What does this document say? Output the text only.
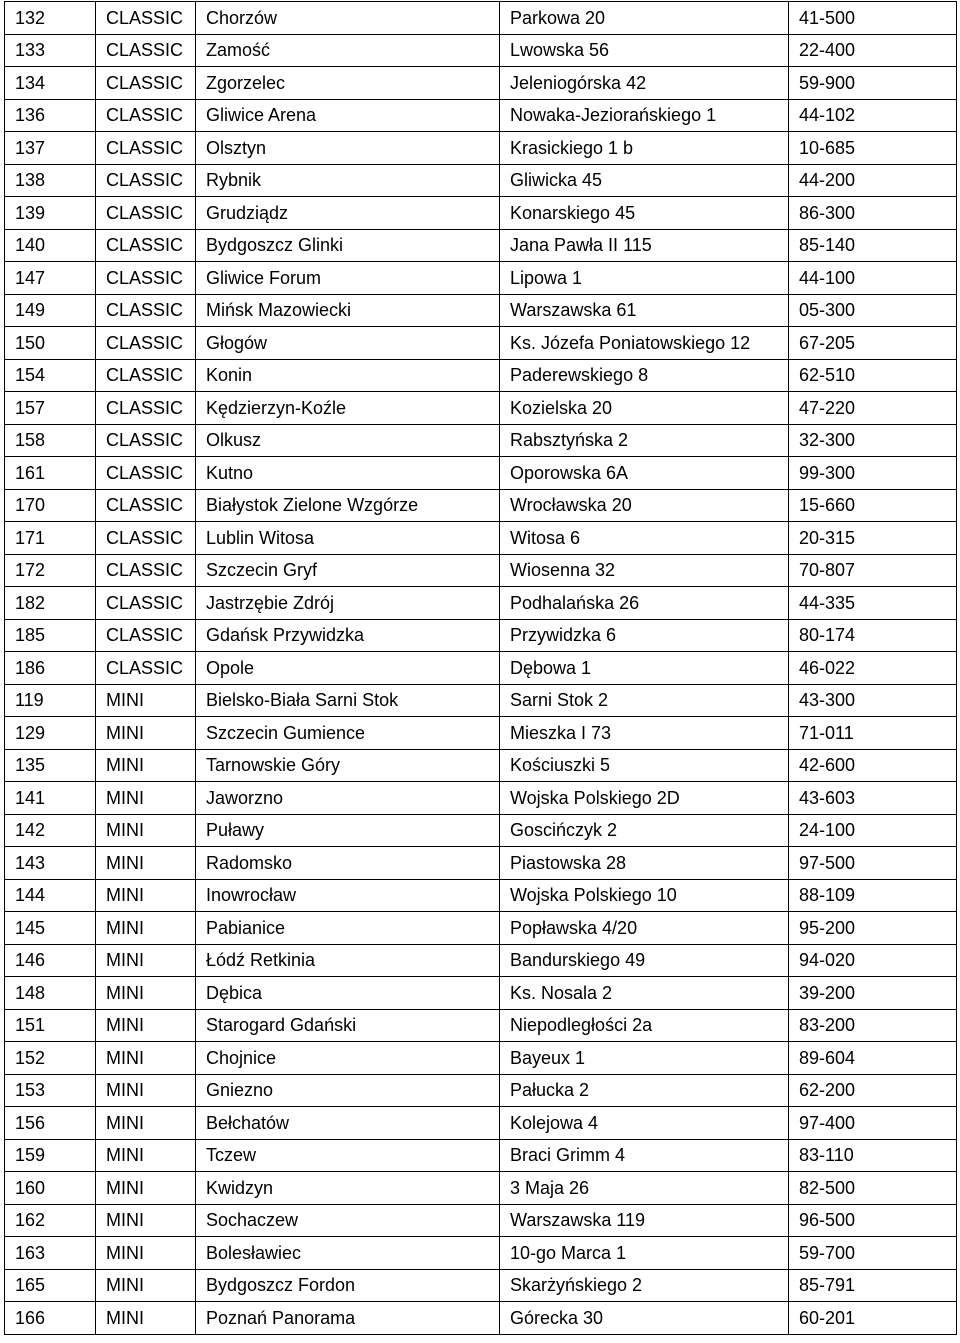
132	CLASSIC	Chorzów	Parkowa 20	41-500
133	CLASSIC	Zamość	Lwowska 56	22-400
134	CLASSIC	Zgorzelec	Jeleniogórska 42	59-900
136	CLASSIC	Gliwice Arena	Nowaka-Jeziorańskiego 1	44-102
137	CLASSIC	Olsztyn	Krasickiego 1 b	10-685
138	CLASSIC	Rybnik	Gliwicka 45	44-200
139	CLASSIC	Grudziądz	Konarskiego 45	86-300
140	CLASSIC	Bydgoszcz Glinki	Jana Pawła II 115	85-140
147	CLASSIC	Gliwice Forum	Lipowa 1	44-100
149	CLASSIC	Mińsk Mazowiecki	Warszawska 61	05-300
150	CLASSIC	Głogów	Ks. Józefa Poniatowskiego 12	67-205
154	CLASSIC	Konin	Paderewskiego 8	62-510
157	CLASSIC	Kędzierzyn-Koźle	Kozielska 20	47-220
158	CLASSIC	Olkusz	Rabsztyńska 2	32-300
161	CLASSIC	Kutno	Oporowska 6A	99-300
170	CLASSIC	Białystok Zielone Wzgórze	Wrocławska 20	15-660
171	CLASSIC	Lublin Witosa	Witosa 6	20-315
172	CLASSIC	Szczecin Gryf	Wiosenna 32	70-807
182	CLASSIC	Jastrzębie Zdrój	Podhalańska 26	44-335
185	CLASSIC	Gdańsk Przywidzka	Przywidzka 6	80-174
186	CLASSIC	Opole	Dębowa 1	46-022
119	MINI	Bielsko-Biała Sarni Stok	Sarni Stok 2	43-300
129	MINI	Szczecin Gumience	Mieszka I 73	71-011
135	MINI	Tarnowskie Góry	Kościuszki 5	42-600
141	MINI	Jaworzno	Wojska Polskiego 2D	43-603
142	MINI	Puławy	Goscińczyk 2	24-100
143	MINI	Radomsko	Piastowska 28	97-500
144	MINI	Inowrocław	Wojska Polskiego 10	88-109
145	MINI	Pabianice	Popławska 4/20	95-200
146	MINI	Łódź Retkinia	Bandurskiego 49	94-020
148	MINI	Dębica	Ks. Nosala 2	39-200
151	MINI	Starogard Gdański	Niepodległości 2a	83-200
152	MINI	Chojnice	Bayeux 1	89-604
153	MINI	Gniezno	Pałucka 2	62-200
156	MINI	Bełchatów	Kolejowa 4	97-400
159	MINI	Tczew	Braci Grimm 4	83-110
160	MINI	Kwidzyn	3 Maja 26	82-500
162	MINI	Sochaczew	Warszawska 119	96-500
163	MINI	Bolesławiec	10-go Marca 1	59-700
165	MINI	Bydgoszcz Fordon	Skarżyńskiego 2	85-791
166	MINI	Poznań Panorama	Górecka 30	60-201
